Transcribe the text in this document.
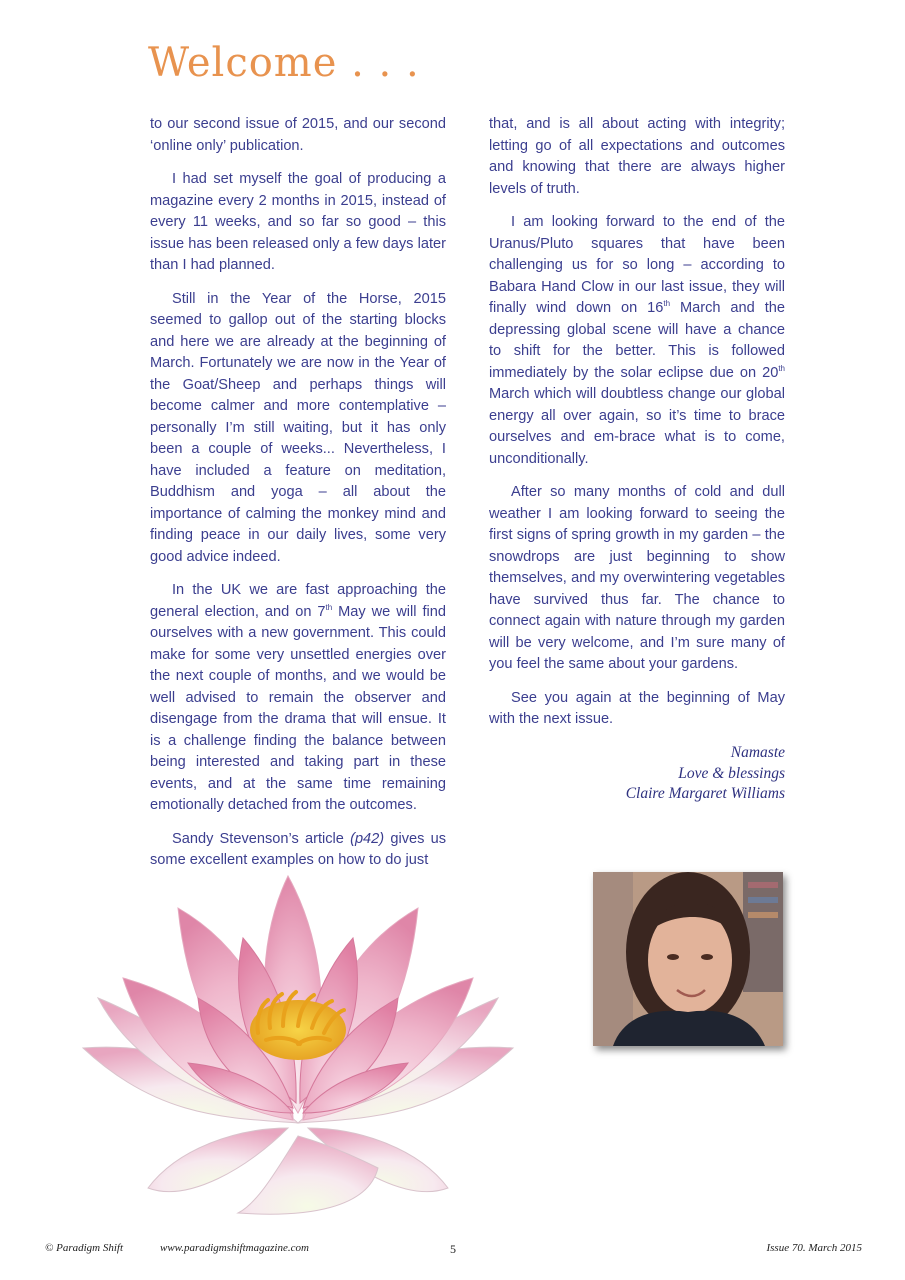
Welcome . . .

to our second issue of 2015, and our second ‘online only’ publication.

I had set myself the goal of producing a magazine every 2 months in 2015, instead of every 11 weeks, and so far so good – this issue has been released only a few days later than I had planned.

Still in the Year of the Horse, 2015 seemed to gallop out of the starting blocks and here we are already at the beginning of March. Fortunately we are now in the Year of the Goat/Sheep and perhaps things will become calmer and more contemplative – personally I’m still waiting, but it has only been a couple of weeks... Nevertheless, I have included a feature on meditation, Buddhism and yoga – all about the importance of calming the monkey mind and finding peace in our daily lives, some very good advice indeed.

In the UK we are fast approaching the general election, and on 7th May we will find ourselves with a new government. This could make for some very unsettled energies over the next couple of months, and we would be well advised to remain the observer and disengage from the drama that will ensue. It is a challenge finding the balance between being interested and taking part in these events, and at the same time remaining emotionally detached from the outcomes.

Sandy Stevenson’s article (p42) gives us some excellent examples on how to do just

that, and is all about acting with integrity; letting go of all expectations and outcomes and knowing that there are always higher levels of truth.

I am looking forward to the end of the Uranus/Pluto squares that have been challenging us for so long – according to Babara Hand Clow in our last issue, they will finally wind down on 16th March and the depressing global scene will have a chance to shift for the better. This is followed immediately by the solar eclipse due on 20th March which will doubtless change our global energy all over again, so it’s time to brace ourselves and em-brace what is to come, unconditionally.

After so many months of cold and dull weather I am looking forward to seeing the first signs of spring growth in my garden – the snowdrops are just beginning to show themselves, and my overwintering vegetables have survived thus far. The chance to connect again with nature through my garden will be very welcome, and I’m sure many of you feel the same about your gardens.

See you again at the beginning of May with the next issue.

Namaste
Love & blessings
Claire Margaret Williams
© Paradigm Shift	www.paradigmshiftmagazine.com	5	Issue 70. March 2015
